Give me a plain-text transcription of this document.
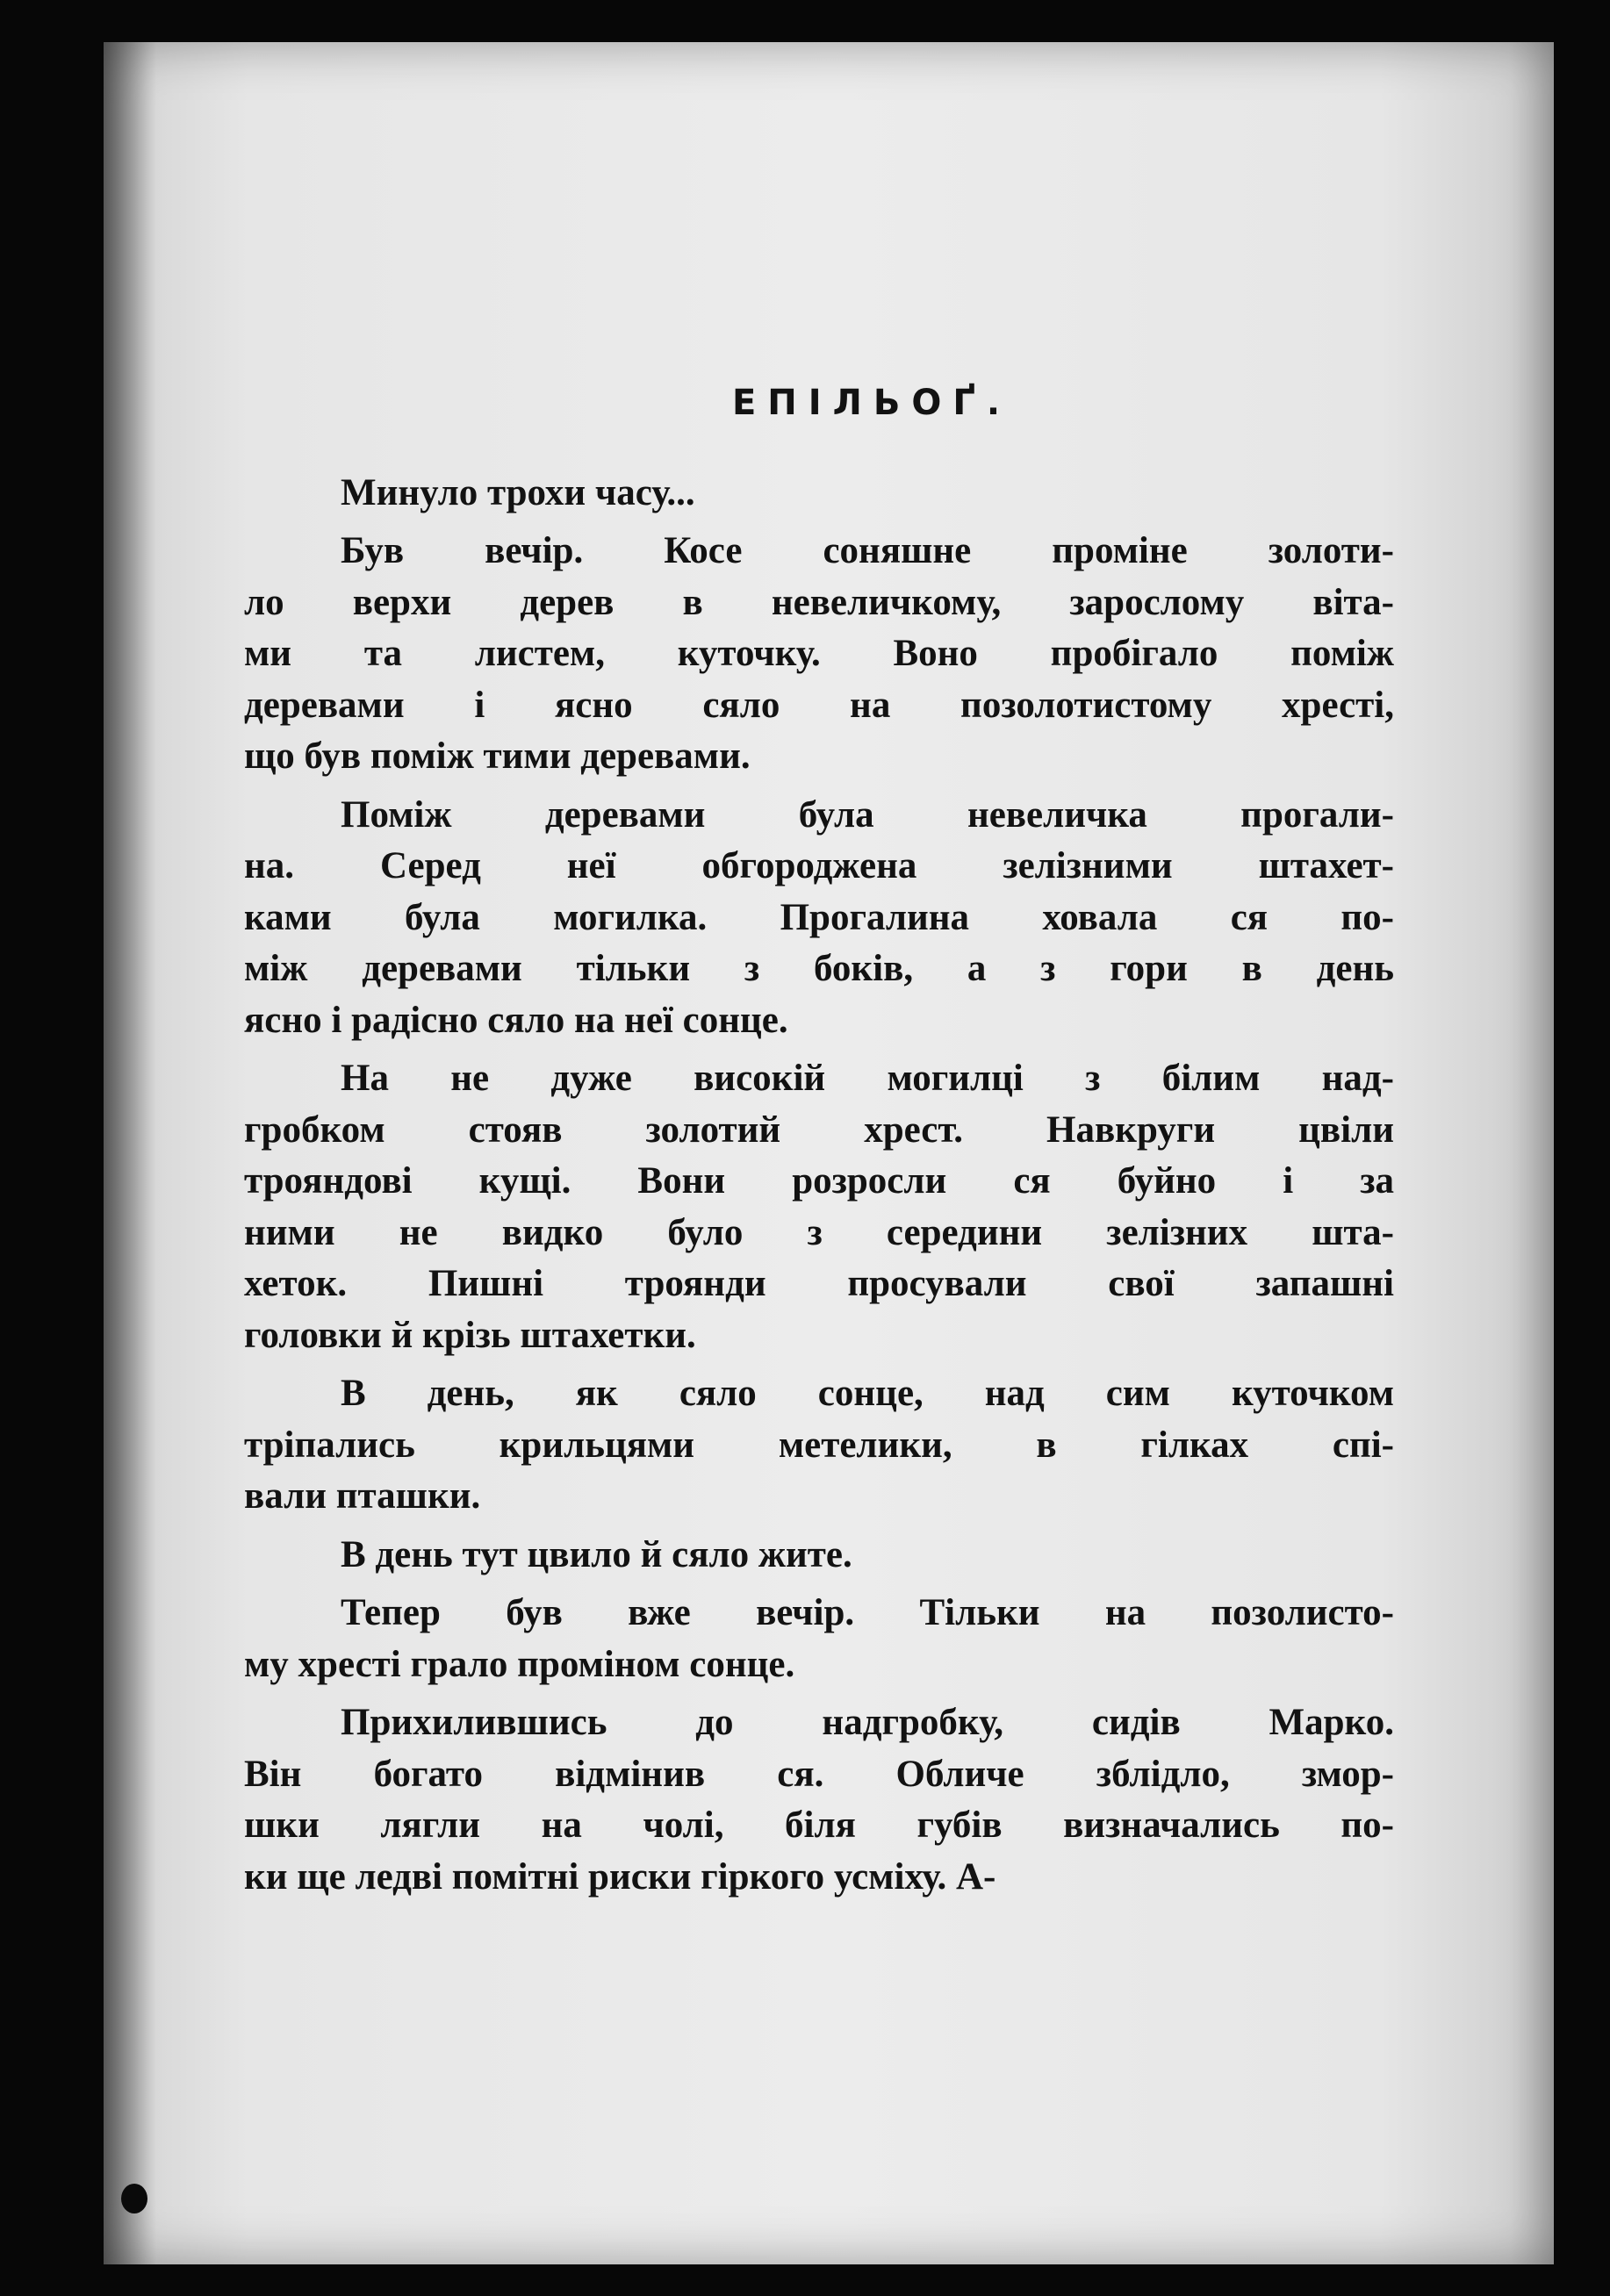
ЕПІЛЬОҐ.
Минуло трохи часу...
Був вечір. Косе соняшне проміне золоти-
ло верхи дерев в невеличкому, зарослому віта-
ми та листем, куточку. Воно пробігало поміж
деревами і ясно сяло на позолотистому хресті,
що був поміж тими деревами.
Поміж деревами була невеличка прогали-
на. Серед неї обгороджена зелізними штахет-
ками була могилка. Прогалина ховала ся по-
між деревами тільки з боків, а з гори в день
ясно і радісно сяло на неї сонце.
На не дуже високій могилці з білим над-
гробком стояв золотий хрест. Навкруги цвіли
трояндові кущі. Вони розросли ся буйно і за
ними не видко було з середини зелізних шта-
хеток. Пишні троянди просували свої запашні
головки й крізь штахетки.
В день, як сяло сонце, над сим куточком
тріпались крильцями метелики, в гілках спі-
вали пташки.
В день тут цвило й сяло жите.
Тепер був вже вечір. Тільки на позолисто-
му хресті грало проміном сонце.
Прихилившись до надгробку, сидів Марко.
Він богато відмінив ся. Обличе зблідло, змор-
шки лягли на чолі, біля губів визначались по-
ки ще ледві помітні риски гіркого усміху. А-
